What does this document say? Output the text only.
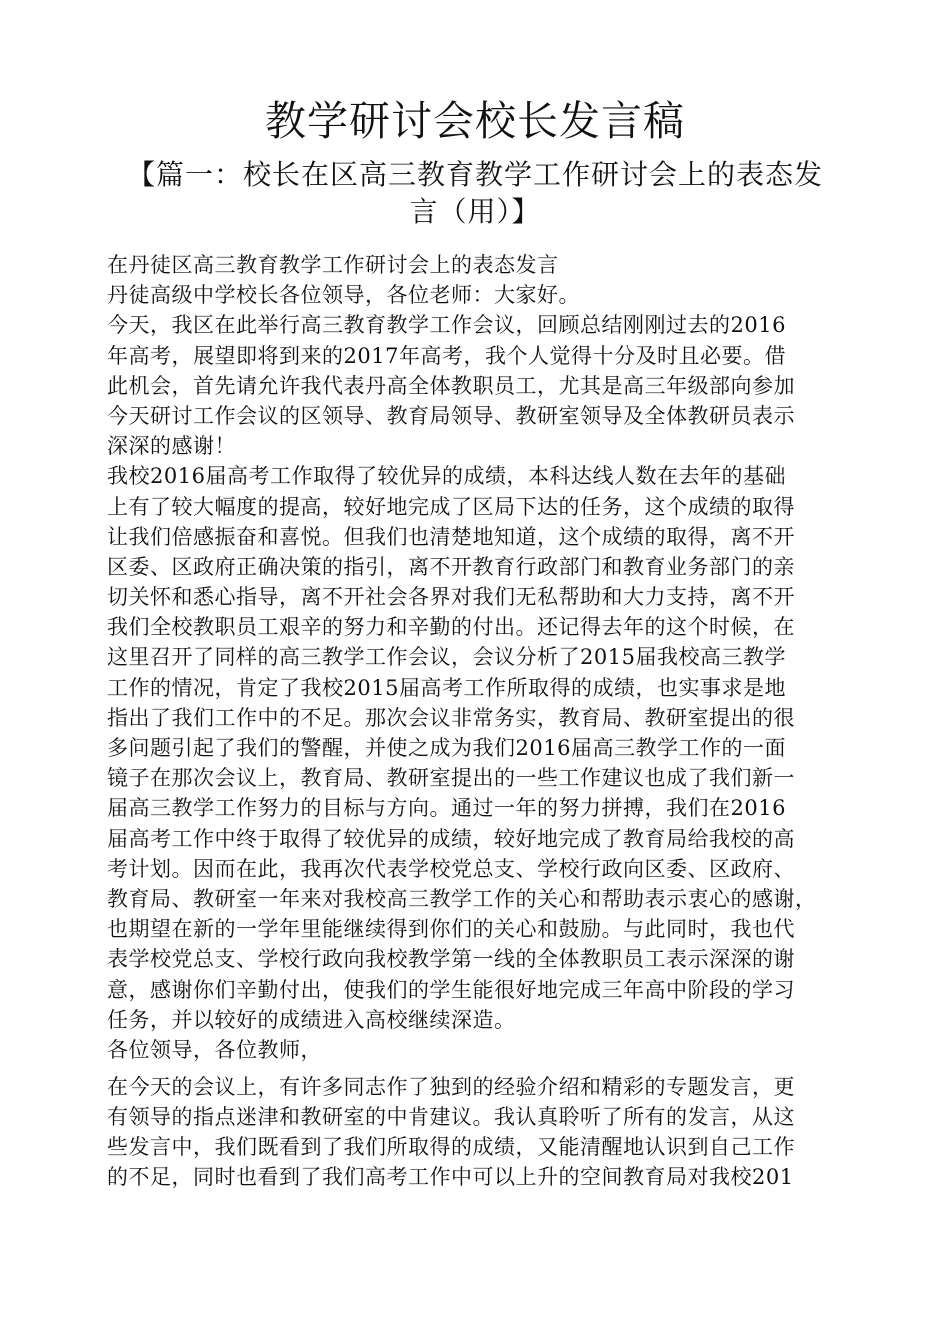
教学研讨会校长发言稿
【篇一：校长在区高三教育教学工作研讨会上的表态发
言（用）】
在丹徒区高三教育教学工作研讨会上的表态发言
丹徒高级中学校长各位领导，各位老师：大家好。
今天，我区在此举行高三教育教学工作会议，回顾总结刚刚过去的2016
年高考，展望即将到来的2017年高考，我个人觉得十分及时且必要。借
此机会，首先请允许我代表丹高全体教职员工，尤其是高三年级部向参加
今天研讨工作会议的区领导、教育局领导、教研室领导及全体教研员表示
深深的感谢！
我校2016届高考工作取得了较优异的成绩，本科达线人数在去年的基础
上有了较大幅度的提高，较好地完成了区局下达的任务，这个成绩的取得
让我们倍感振奋和喜悦。但我们也清楚地知道，这个成绩的取得，离不开
区委、区政府正确决策的指引，离不开教育行政部门和教育业务部门的亲
切关怀和悉心指导，离不开社会各界对我们无私帮助和大力支持，离不开
我们全校教职员工艰辛的努力和辛勤的付出。还记得去年的这个时候，在
这里召开了同样的高三教学工作会议，会议分析了2015届我校高三教学
工作的情况，肯定了我校2015届高考工作所取得的成绩，也实事求是地
指出了我们工作中的不足。那次会议非常务实，教育局、教研室提出的很
多问题引起了我们的警醒，并使之成为我们2016届高三教学工作的一面
镜子在那次会议上，教育局、教研室提出的一些工作建议也成了我们新一
届高三教学工作努力的目标与方向。通过一年的努力拼搏，我们在2016
届高考工作中终于取得了较优异的成绩，较好地完成了教育局给我校的高
考计划。因而在此，我再次代表学校党总支、学校行政向区委、区政府、
教育局、教研室一年来对我校高三教学工作的关心和帮助表示衷心的感谢，
也期望在新的一学年里能继续得到你们的关心和鼓励。与此同时，我也代
表学校党总支、学校行政向我校教学第一线的全体教职员工表示深深的谢
意，感谢你们辛勤付出，使我们的学生能很好地完成三年高中阶段的学习
任务，并以较好的成绩进入高校继续深造。
各位领导，各位教师，
在今天的会议上，有许多同志作了独到的经验介绍和精彩的专题发言，更
有领导的指点迷津和教研室的中肯建议。我认真聆听了所有的发言，从这
些发言中，我们既看到了我们所取得的成绩，又能清醒地认识到自己工作
的不足，同时也看到了我们高考工作中可以上升的空间教育局对我校201
